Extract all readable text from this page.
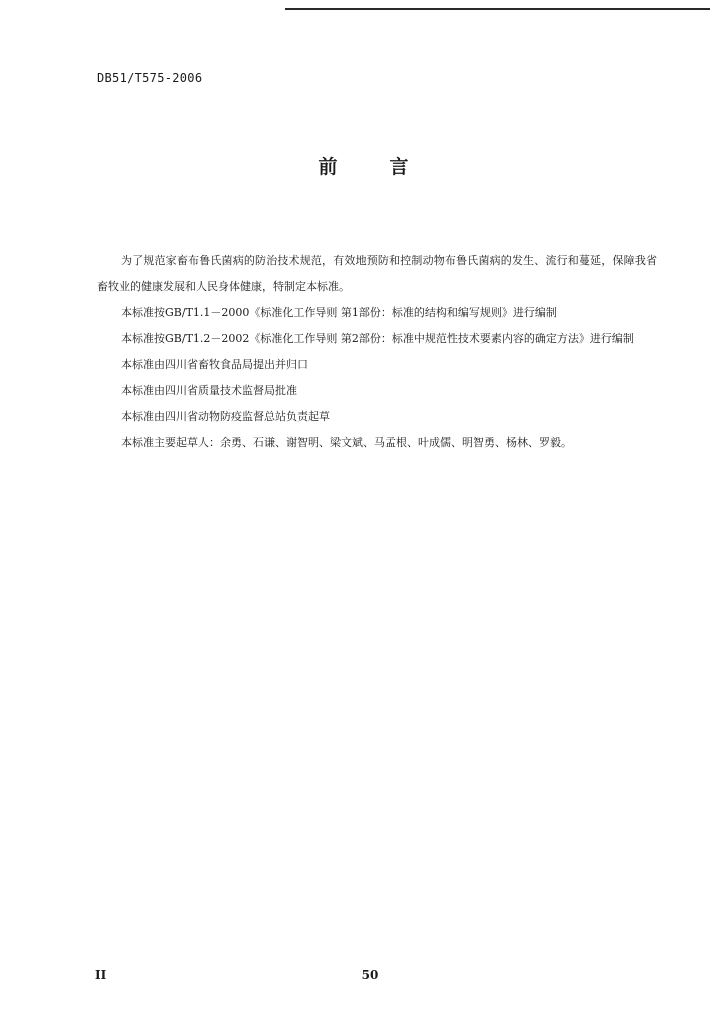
DB51/T575-2006
前	言

为了规范家畜布鲁氏菌病的防治技术规范，有效地预防和控制动物布鲁氏菌病的发生、流行和蔓延，保障我省畜牧业的健康发展和人民身体健康，特制定本标准。

本标准按GB/T1.1－2000《标准化工作导则 第1部份：标准的结构和编写规则》进行编制

本标准按GB/T1.2－2002《标准化工作导则 第2部份：标准中规范性技术要素内容的确定方法》进行编制

本标准由四川省畜牧食品局提出并归口

本标准由四川省质量技术监督局批准

本标准由四川省动物防疫监督总站负责起草

本标准主要起草人：余勇、石谦、谢智明、梁文斌、马孟根、叶成儒、明智勇、杨林、罗毅。

II	50
